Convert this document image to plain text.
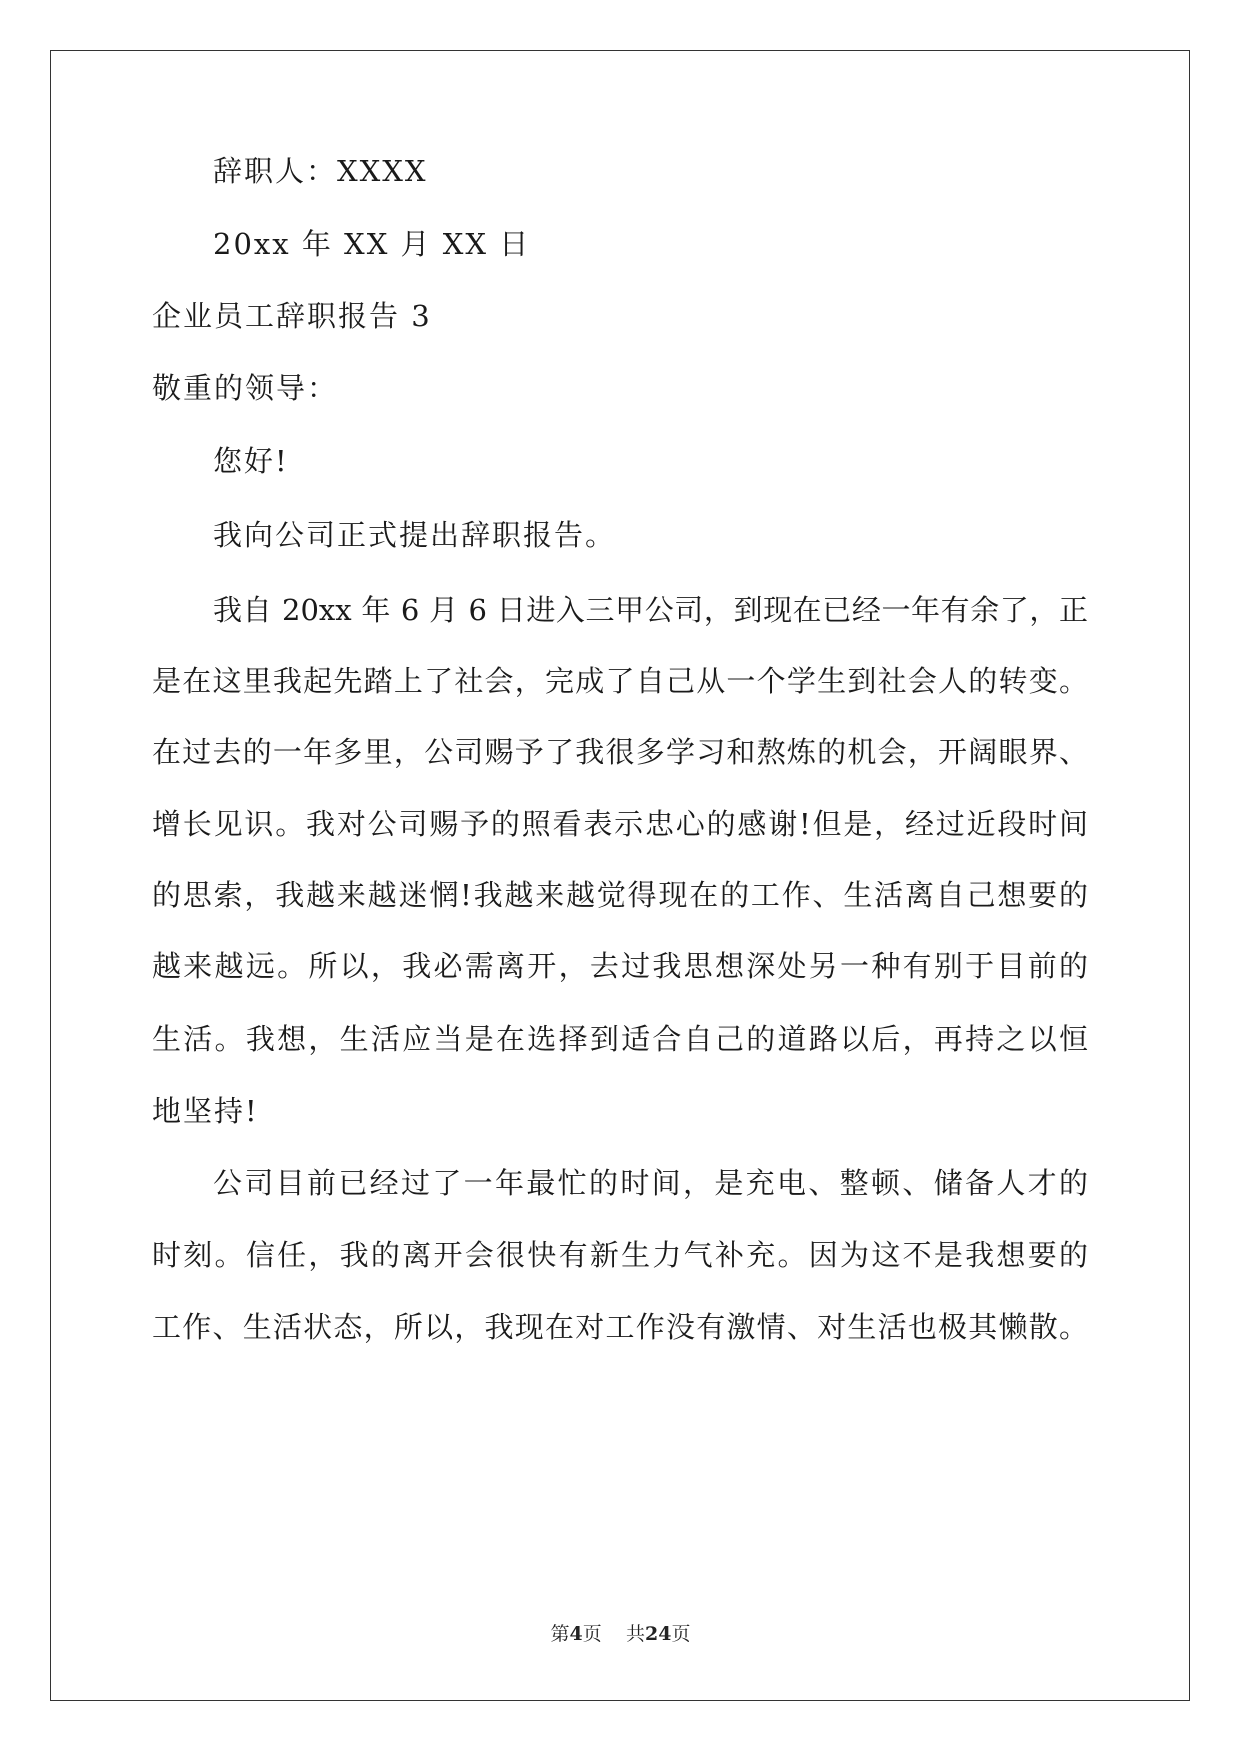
辞职人：XXXX
20xx 年 XX 月 XX 日
企业员工辞职报告 3
敬重的领导：
您好!
我向公司正式提出辞职报告。
我自 20xx 年 6 月 6 日进入三甲公司，到现在已经一年有余了，正
是在这里我起先踏上了社会，完成了自己从一个学生到社会人的转变。
在过去的一年多里，公司赐予了我很多学习和熬炼的机会，开阔眼界、
增长见识。我对公司赐予的照看表示忠心的感谢!但是，经过近段时间
的思索，我越来越迷惘!我越来越觉得现在的工作、生活离自己想要的
越来越远。所以，我必需离开，去过我思想深处另一种有别于目前的
生活。我想，生活应当是在选择到适合自己的道路以后，再持之以恒
地坚持!
公司目前已经过了一年最忙的时间，是充电、整顿、储备人才的
时刻。信任，我的离开会很快有新生力气补充。因为这不是我想要的
工作、生活状态，所以，我现在对工作没有激情、对生活也极其懒散。
第4页 共24页
